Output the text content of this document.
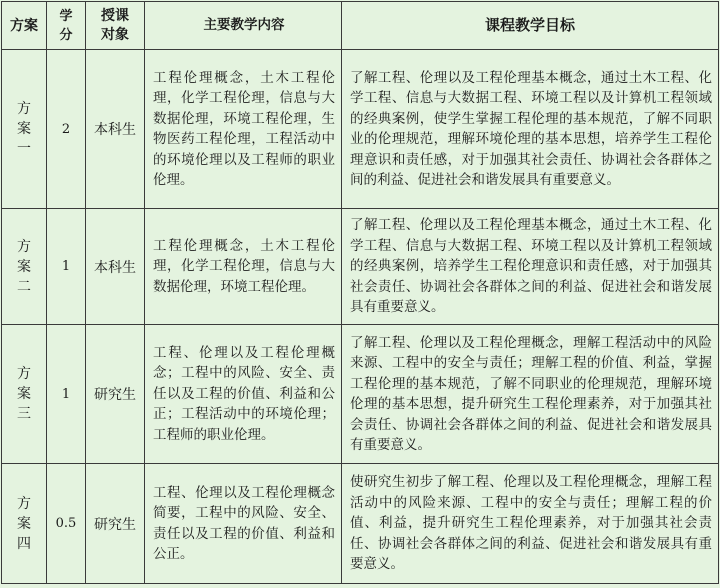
方案	学分	授课对象	主要教学内容	课程教学目标
方案一	2	本科生	工程伦理概念，土木工程伦理，化学工程伦理，信息与大数据伦理，环境工程伦理，生物医药工程伦理，工程活动中的环境伦理以及工程师的职业伦理。	了解工程、伦理以及工程伦理基本概念，通过土木工程、化学工程、信息与大数据工程、环境工程以及计算机工程领域的经典案例，使学生掌握工程伦理的基本规范，了解不同职业的伦理规范，理解环境伦理的基本思想，培养学生工程伦理意识和责任感，对于加强其社会责任、协调社会各群体之间的利益、促进社会和谐发展具有重要意义。
方案二	1	本科生	工程伦理概念，土木工程伦理，化学工程伦理，信息与大数据伦理，环境工程伦理。	了解工程、伦理以及工程伦理基本概念，通过土木工程、化学工程、信息与大数据工程、环境工程以及计算机工程领域的经典案例，培养学生工程伦理意识和责任感，对于加强其社会责任、协调社会各群体之间的利益、促进社会和谐发展具有重要意义。
方案三	1	研究生	工程、伦理以及工程伦理概念；工程中的风险、安全、责任以及工程的价值、利益和公正；工程活动中的环境伦理；工程师的职业伦理。	了解工程、伦理以及工程伦理概念，理解工程活动中的风险来源、工程中的安全与责任；理解工程的价值、利益，掌握工程伦理的基本规范，了解不同职业的伦理规范，理解环境伦理的基本思想，提升研究生工程伦理素养，对于加强其社会责任、协调社会各群体之间的利益、促进社会和谐发展具有重要意义。
方案四	0.5	研究生	工程、伦理以及工程伦理概念简要，工程中的风险、安全、责任以及工程的价值、利益和公正。	使研究生初步了解工程、伦理以及工程伦理概念，理解工程活动中的风险来源、工程中的安全与责任；理解工程的价值、利益，提升研究生工程伦理素养，对于加强其社会责任、协调社会各群体之间的利益、促进社会和谐发展具有重要意义。
